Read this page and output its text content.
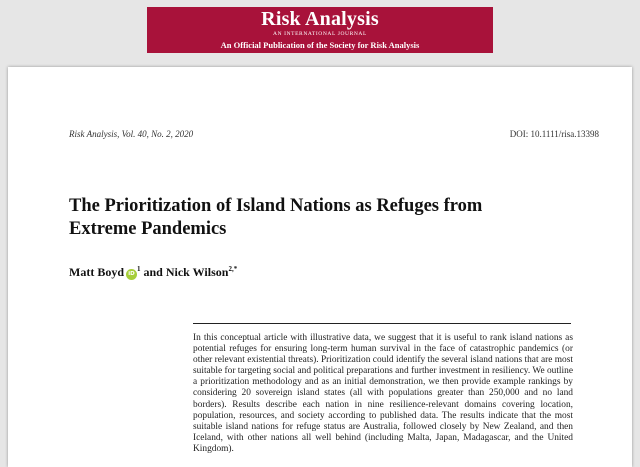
Risk Analysis
AN INTERNATIONAL JOURNAL
An Official Publication of the Society for Risk Analysis
Risk Analysis, Vol. 40, No. 2, 2020	DOI: 10.1111/risa.13398
The Prioritization of Island Nations as Refuges from Extreme Pandemics
Matt Boyd $iD^1$ and Nick Wilson$^{2,*}$
In this conceptual article with illustrative data, we suggest that it is useful to rank island nations as potential refuges for ensuring long-term human survival in the face of catastrophic pandemics (or other relevant existential threats). Prioritization could identify the several island nations that are most suitable for targeting social and political preparations and further investment in resiliency. We outline a prioritization methodology and as an initial demonstration, we then provide example rankings by considering 20 sovereign island states (all with populations greater than 250,000 and no land borders). Results describe each nation in nine resilience-relevant domains covering location, population, resources, and society according to published data. The results indicate that the most suitable island nations for refuge status are Australia, followed closely by New Zealand, and then Iceland, with other nations all well behind (including Malta, Japan, Madagascar, and the United Kingdom).
